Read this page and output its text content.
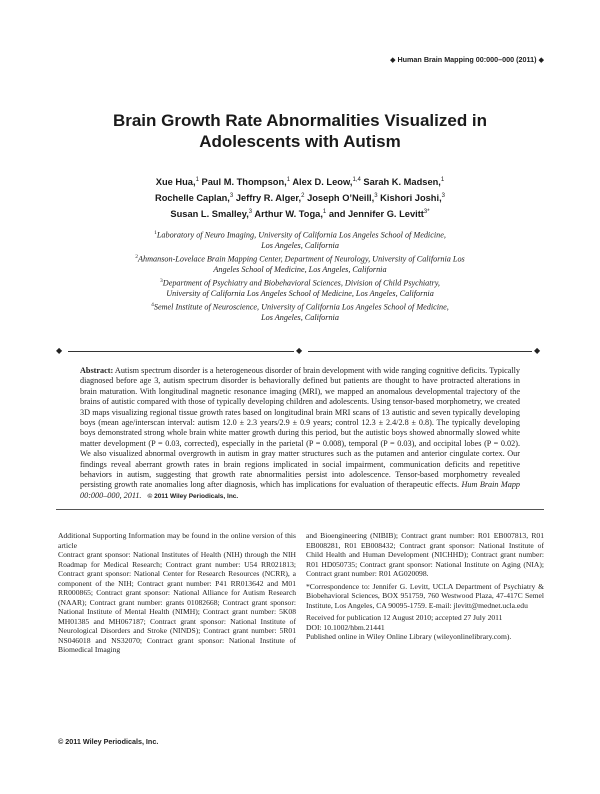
◆ Human Brain Mapping 00:000–000 (2011) ◆
Brain Growth Rate Abnormalities Visualized in
Adolescents with Autism
Xue Hua,$^1$ Paul M. Thompson,$^1$ Alex D. Leow,$^{1,4}$ Sarah K. Madsen,$^1$
Rochelle Caplan,$^3$ Jeffry R. Alger,$^2$ Joseph O’Neill,$^3$ Kishori Joshi,$^3$
Susan L. Smalley,$^3$ Arthur W. Toga,$^1$ and Jennifer G. Levitt$^{3*}$

$^1$Laboratory of Neuro Imaging, University of California Los Angeles School of Medicine,
Los Angeles, California

$^2$Ahmanson-Lovelace Brain Mapping Center, Department of Neurology, University of California Los
Angeles School of Medicine, Los Angeles, California

$^3$Department of Psychiatry and Biobehavioral Sciences, Division of Child Psychiatry,
University of California Los Angeles School of Medicine, Los Angeles, California

$^4$Semel Institute of Neuroscience, University of California Los Angeles School of Medicine,
Los Angeles, California

◆	◆	◆
Abstract: Autism spectrum disorder is a heterogeneous disorder of brain development with wide ranging cognitive deficits. Typically diagnosed before age 3, autism spectrum disorder is behaviorally defined but patients are thought to have protracted alterations in brain maturation. With longitudinal magnetic resonance imaging (MRI), we mapped an anomalous developmental trajectory of the brains of autistic compared with those of typically developing children and adolescents. Using tensor-based morphometry, we created 3D maps visualizing regional tissue growth rates based on longitudinal brain MRI scans of 13 autistic and seven typically developing boys (mean age/interscan interval: autism 12.0 ± 2.3 years/2.9 ± 0.9 years; control 12.3 ± 2.4/2.8 ± 0.8). The typically developing boys demonstrated strong whole brain white matter growth during this period, but the autistic boys showed abnormally slowed white matter development (P = 0.03, corrected), especially in the parietal (P = 0.008), temporal (P = 0.03), and occipital lobes (P = 0.02). We also visualized abnormal overgrowth in autism in gray matter structures such as the putamen and anterior cingulate cortex. Our findings reveal aberrant growth rates in brain regions implicated in social impairment, communication deficits and repetitive behaviors in autism, suggesting that growth rate abnormalities persist into adolescence. Tensor-based morphometry revealed persisting growth rate anomalies long after diagnosis, which has implications for evaluation of therapeutic effects. Hum Brain Mapp 00:000–000, 2011. © 2011 Wiley Periodicals, Inc.

Additional Supporting Information may be found in the online version of this article

Contract grant sponsor: National Institutes of Health (NIH) through the NIH Roadmap for Medical Research; Contract grant number: U54 RR021813; Contract grant sponsor: National Center for Research Resources (NCRR), a component of the NIH; Contract grant number: P41 RR013642 and M01 RR000865; Contract grant sponsor: National Alliance for Autism Research (NAAR); Contract grant number: grants 01082668; Contract grant sponsor: National Institute of Mental Health (NIMH); Contract grant number: 5K08 MH01385 and MH067187; Contract grant sponsor: National Institute of Neurological Disorders and Stroke (NINDS); Contract grant number: 5R01 NS046018 and NS32070; Contract grant sponsor: National Institute of Biomedical Imaging

and Bioengineering (NIBIB); Contract grant number: R01 EB007813, R01 EB008281, R01 EB008432; Contract grant sponsor: National Institute of Child Health and Human Development (NICHHD); Contract grant number: R01 HD050735; Contract grant sponsor: National Institute on Aging (NIA); Contract grant number: R01 AG020098.

*Correspondence to: Jennifer G. Levitt, UCLA Department of Psychiatry & Biobehavioral Sciences, BOX 951759, 760 Westwood Plaza, 47-417C Semel Institute, Los Angeles, CA 90095-1759. E-mail: jlevitt@mednet.ucla.edu

Received for publication 12 August 2010; accepted 27 July 2011

DOI: 10.1002/hbm.21441

Published online in Wiley Online Library (wileyonlinelibrary.com).

© 2011 Wiley Periodicals, Inc.
